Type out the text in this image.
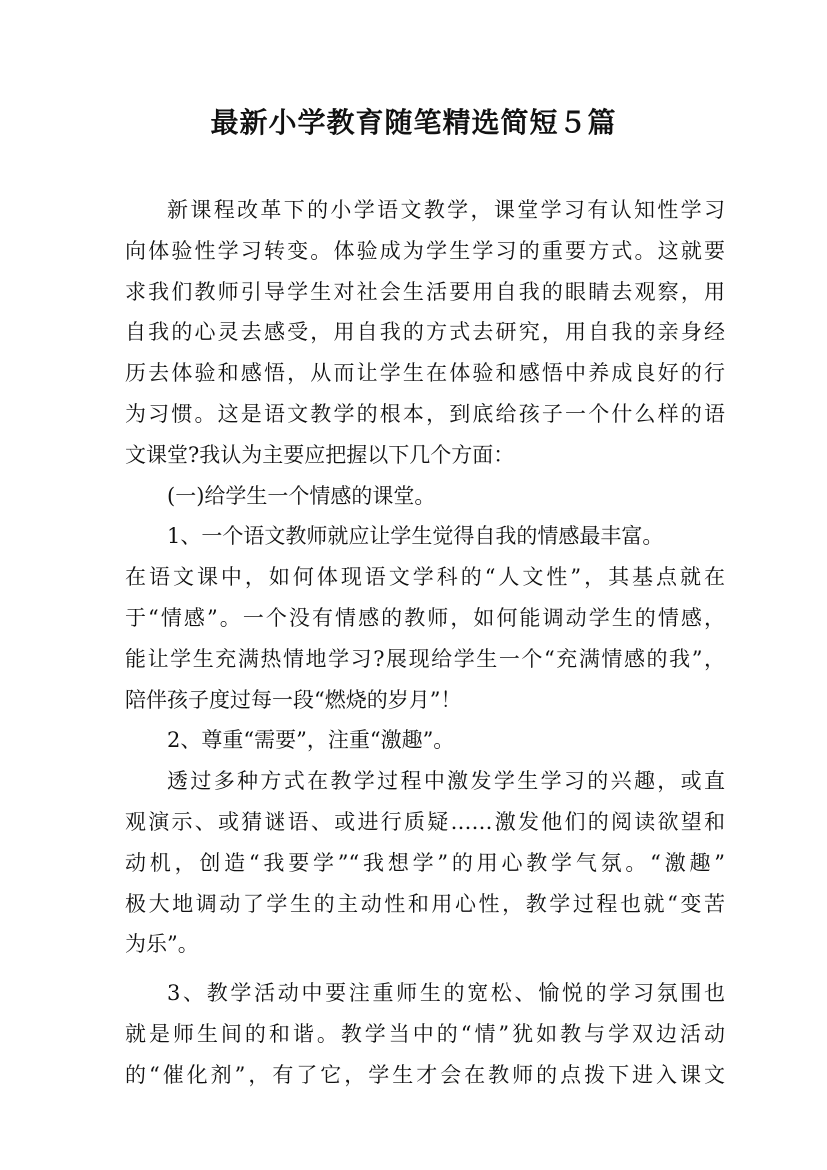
最新小学教育随笔精选简短５篇
新课程改革下的小学语文教学，课堂学习有认知性学习
向体验性学习转变。体验成为学生学习的重要方式。这就要
求我们教师引导学生对社会生活要用自我的眼睛去观察，用
自我的心灵去感受，用自我的方式去研究，用自我的亲身经
历去体验和感悟，从而让学生在体验和感悟中养成良好的行
为习惯。这是语文教学的根本，到底给孩子一个什么样的语
文课堂?我认为主要应把握以下几个方面：
(一)给学生一个情感的课堂。
1、一个语文教师就应让学生觉得自我的情感最丰富。
在语文课中，如何体现语文学科的“人文性”，其基点就在
于“情感”。一个没有情感的教师，如何能调动学生的情感，
能让学生充满热情地学习?展现给学生一个“充满情感的我”，
陪伴孩子度过每一段“燃烧的岁月”！
2、尊重“需要”，注重“激趣”。
透过多种方式在教学过程中激发学生学习的兴趣，或直
观演示、或猜谜语、或进行质疑……激发他们的阅读欲望和
动机，创造“我要学”“我想学”的用心教学气氛。“激趣”
极大地调动了学生的主动性和用心性，教学过程也就“变苦
为乐”。
3、教学活动中要注重师生的宽松、愉悦的学习氛围也
就是师生间的和谐。教学当中的“情”犹如教与学双边活动
的“催化剂”，有了它，学生才会在教师的点拨下进入课文
